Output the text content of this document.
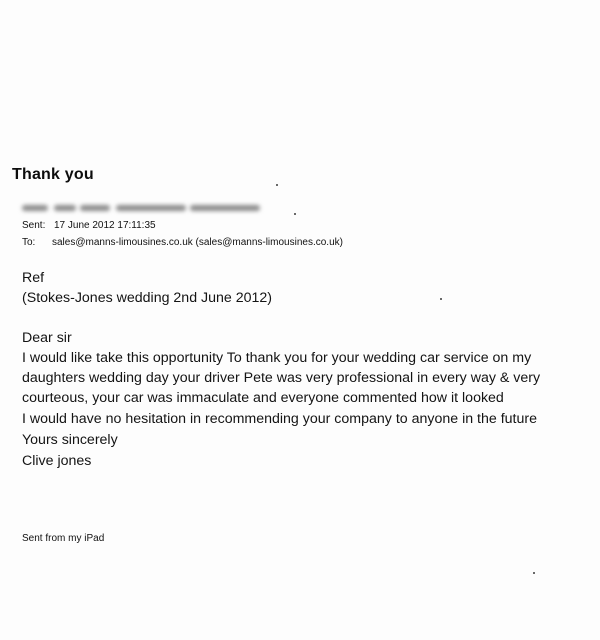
Thank you
Sent: 17 June 2012 17:11:35
To: sales@manns-limousines.co.uk (sales@manns-limousines.co.uk)
Ref
(Stokes-Jones wedding 2nd June 2012)
Dear sir
I would like take this opportunity To thank you for your wedding car service on my
daughters wedding day your driver Pete was very professional in every way & very
courteous, your car was immaculate and everyone commented how it looked
I would have no hesitation in recommending your company to anyone in the future
Yours sincerely
Clive jones
Sent from my iPad
